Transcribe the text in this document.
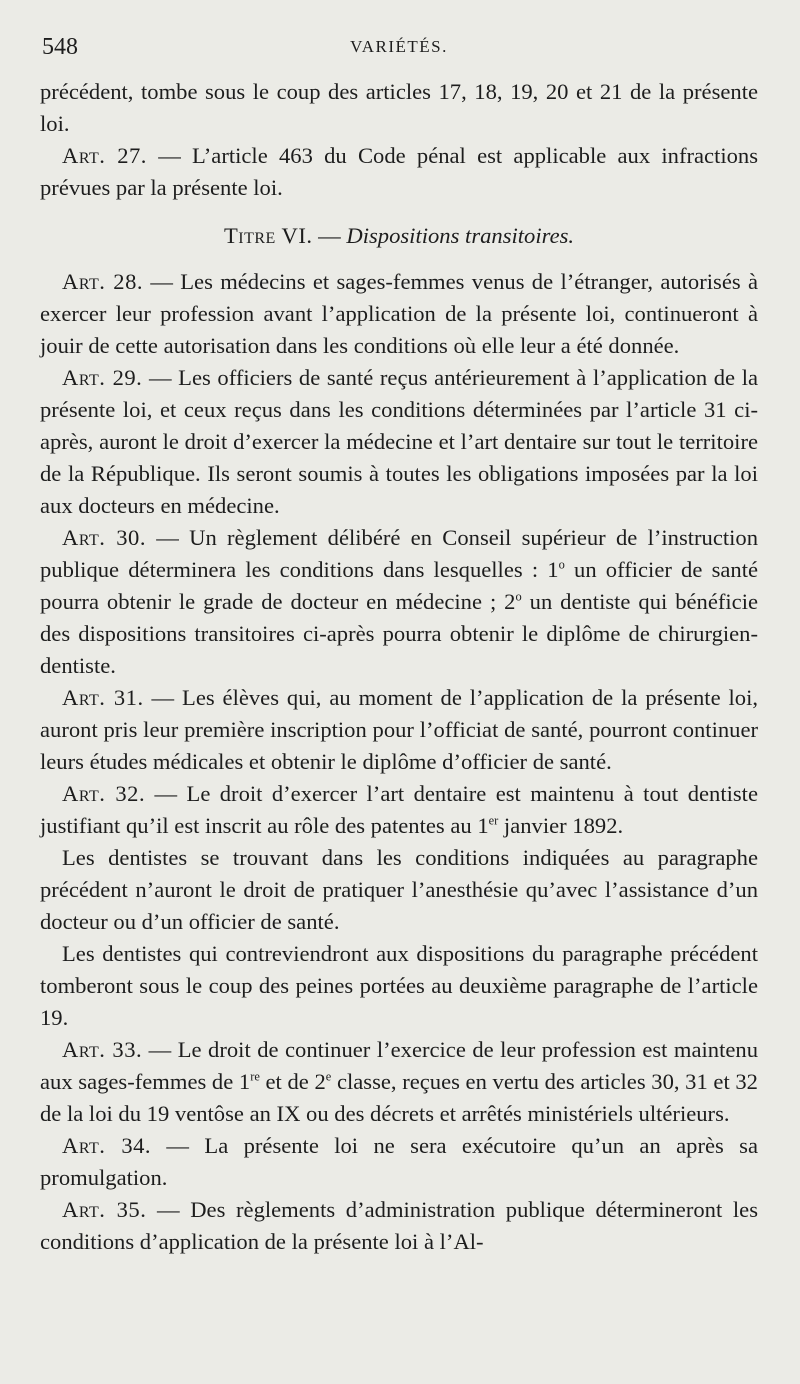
548	VARIÉTÉS.

précédent, tombe sous le coup des articles 17, 18, 19, 20 et 21 de la présente loi.

Art. 27. — L’article 463 du Code pénal est applicable aux infractions prévues par la présente loi.

Titre VI. — Dispositions transitoires.

Art. 28. — Les médecins et sages-femmes venus de l’étranger, autorisés à exercer leur profession avant l’application de la présente loi, continueront à jouir de cette autorisation dans les conditions où elle leur a été donnée.

Art. 29. — Les officiers de santé reçus antérieurement à l’application de la présente loi, et ceux reçus dans les conditions déterminées par l’article 31 ci-après, auront le droit d’exercer la médecine et l’art dentaire sur tout le territoire de la République. Ils seront soumis à toutes les obligations imposées par la loi aux docteurs en médecine.

Art. 30. — Un règlement délibéré en Conseil supérieur de l’instruction publique déterminera les conditions dans lesquelles : 1$^o$ un officier de santé pourra obtenir le grade de docteur en médecine ; 2$^o$ un dentiste qui bénéficie des dispositions transitoires ci-après pourra obtenir le diplôme de chirurgien-dentiste.

Art. 31. — Les élèves qui, au moment de l’application de la présente loi, auront pris leur première inscription pour l’officiat de santé, pourront continuer leurs études médicales et obtenir le diplôme d’officier de santé.

Art. 32. — Le droit d’exercer l’art dentaire est maintenu à tout dentiste justifiant qu’il est inscrit au rôle des patentes au 1er janvier 1892.

Les dentistes se trouvant dans les conditions indiquées au paragraphe précédent n’auront le droit de pratiquer l’anesthésie qu’avec l’assistance d’un docteur ou d’un officier de santé.

Les dentistes qui contreviendront aux dispositions du paragraphe précédent tomberont sous le coup des peines portées au deuxième paragraphe de l’article 19.

Art. 33. — Le droit de continuer l’exercice de leur profession est maintenu aux sages-femmes de 1re et de 2e classe, reçues en vertu des articles 30, 31 et 32 de la loi du 19 ventôse an IX ou des décrets et arrêtés ministériels ultérieurs.

Art. 34. — La présente loi ne sera exécutoire qu’un an après sa promulgation.

Art. 35. — Des règlements d’administration publique détermineront les conditions d’application de la présente loi à l’Al-
